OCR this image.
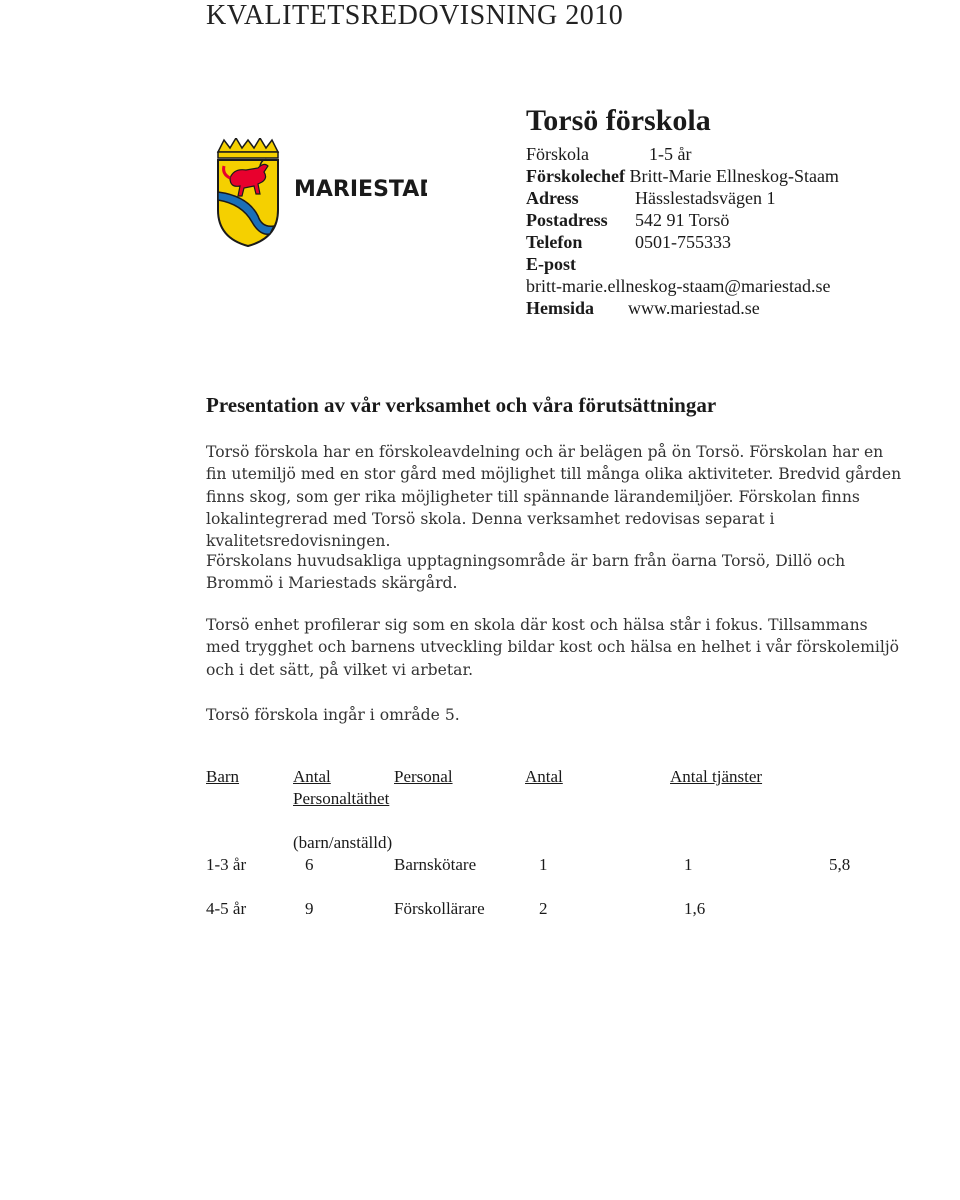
KVALITETSREDOVISNING 2010
MARIESTAD
Torsö förskola
Förskola	1-5 år
Förskolechef Britt-Marie Ellneskog-Staam
Adress	Hässlestadsvägen 1
Postadress 542 91 Torsö
Telefon	0501-755333
E-post
britt-marie.ellneskog-staam@mariestad.se
Hemsida www.mariestad.se
Presentation av vår verksamhet och våra förutsättningar
Torsö förskola har en förskoleavdelning och är belägen på ön Torsö. Förskolan har en fin utemiljö med en stor gård med möjlighet till många olika aktiviteter. Bredvid gården finns skog, som ger rika möjligheter till spännande lärandemiljöer. Förskolan finns lokalintegrerad med Torsö skola. Denna verksamhet redovisas separat i kvalitetsredovisningen.
Förskolans huvudsakliga upptagningsområde är barn från öarna Torsö, Dillö och Brommö i Mariestads skärgård.
Torsö enhet profilerar sig som en skola där kost och hälsa står i fokus. Tillsammans med trygghet och barnens utveckling bildar kost och hälsa en helhet i vår förskolemiljö och i det sätt, på vilket vi arbetar.
Torsö förskola ingår i område 5.
Barn	Antal	Personal	Antal	Antal tjänster
Personaltäthet
(barn/anställd)
1-3 år	6	Barnskötare	1	1	5,8
4-5 år	9	Förskollärare	2	1,6
